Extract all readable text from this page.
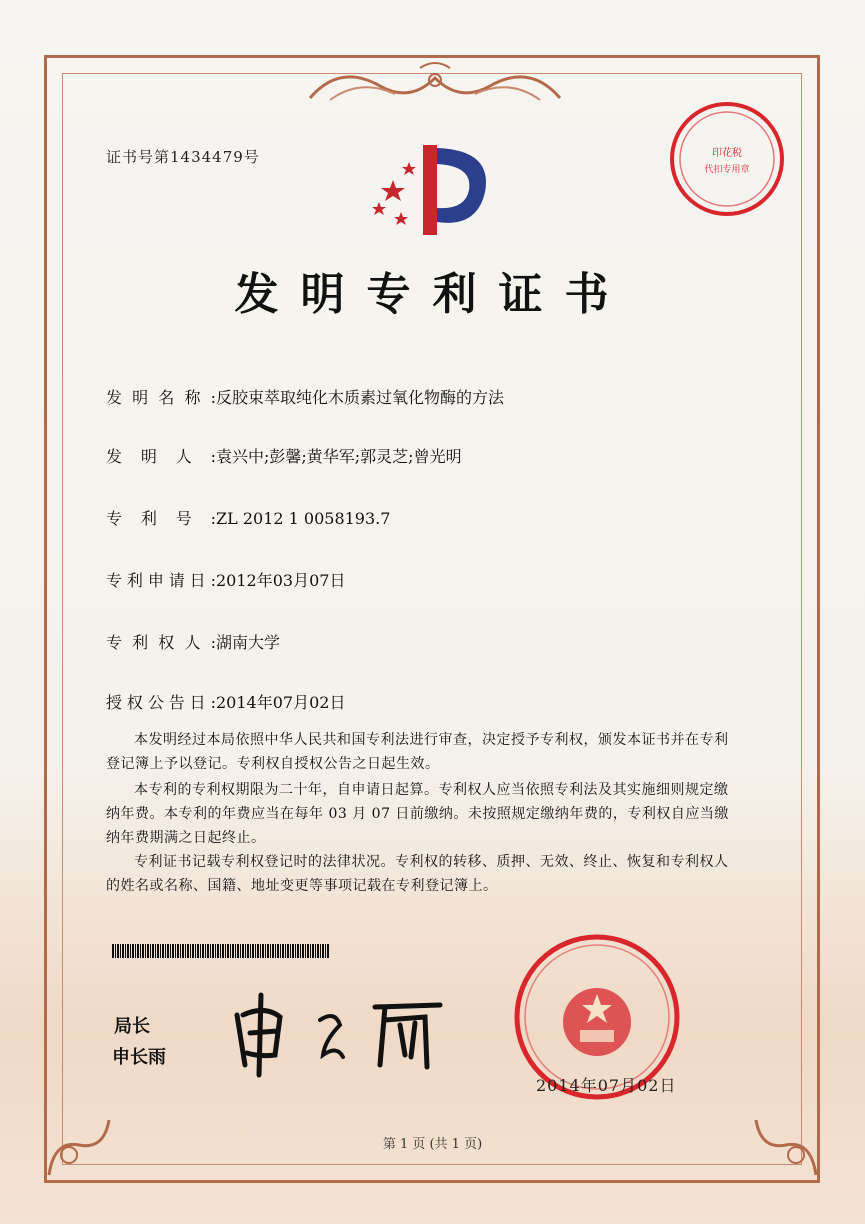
证书号第1434479号	印花税
代扣专用章
发明专利证书
发明名称:反胶束萃取纯化木质素过氧化物酶的方法
发明人:袁兴中;彭馨;黄华军;郭灵芝;曾光明
专利号:ZL 2012 1 0058193.7
专利申请日:2012年03月07日
专利权人:湖南大学
授权公告日:2014年07月02日
本发明经过本局依照中华人民共和国专利法进行审查，决定授予专利权，颁发本证书并在专利登记簿上予以登记。专利权自授权公告之日起生效。
本专利的专利权期限为二十年，自申请日起算。专利权人应当依照专利法及其实施细则规定缴纳年费。本专利的年费应当在每年 03 月 07 日前缴纳。未按照规定缴纳年费的，专利权自应当缴纳年费期满之日起终止。
专利证书记载专利权登记时的法律状况。专利权的转移、质押、无效、终止、恢复和专利权人的姓名或名称、国籍、地址变更等事项记载在专利登记簿上。
局长
申长雨
2014年07月02日
第 1 页 (共 1 页)
